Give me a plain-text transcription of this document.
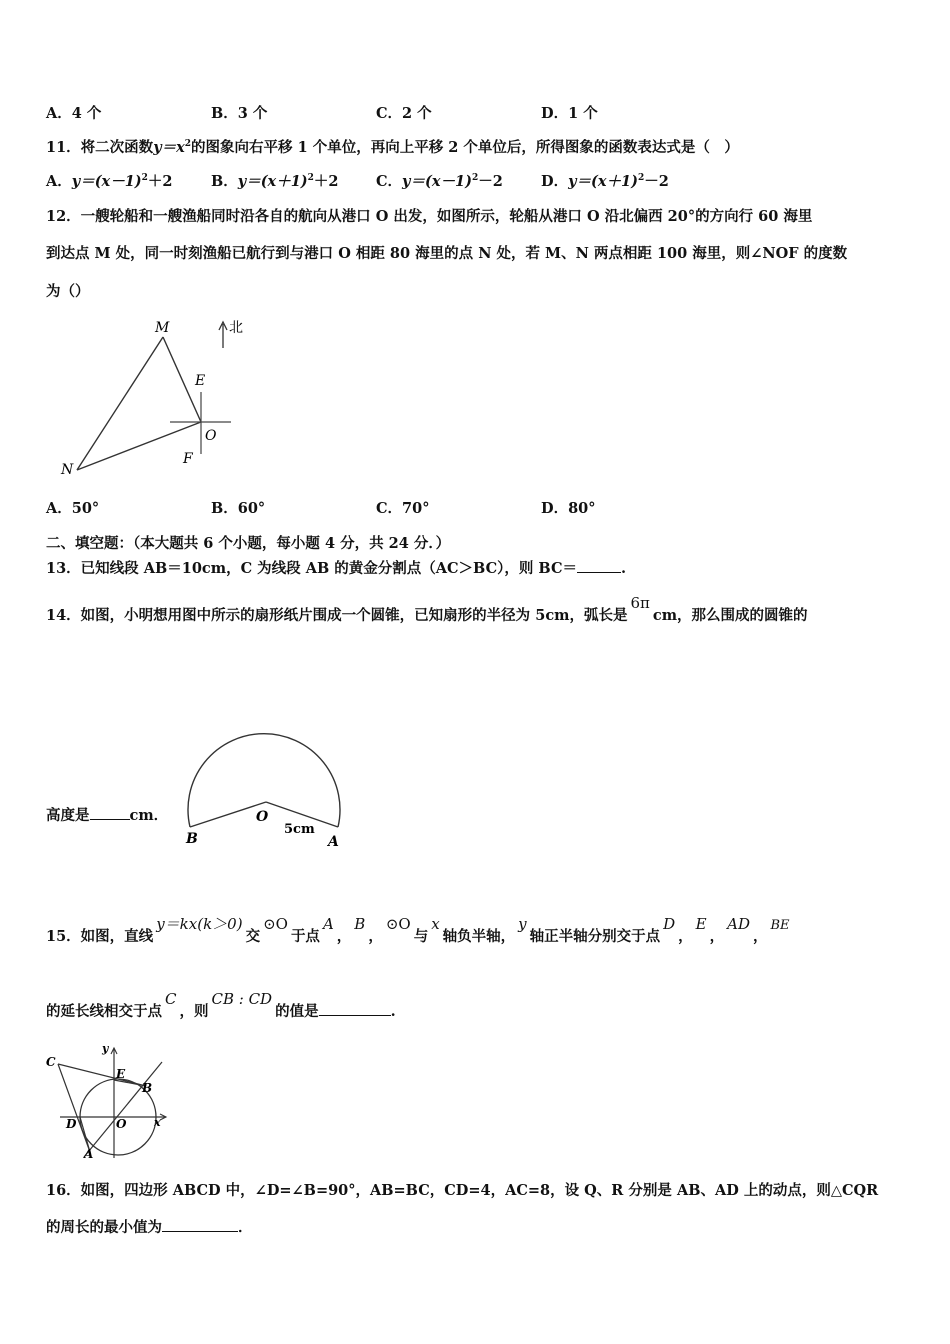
A．4 个	B．3 个	C．2 个	D．1 个
11．将二次函数$y=x^2$的图象向右平移 1 个单位，再向上平移 2 个单位后，所得图象的函数表达式是（　）
A．$y=(x-1)^2+2$	B．$y=(x+1)^2+2$	C．$y=(x-1)^2-2$	D．$y=(x+1)^2-2$
12．一艘轮船和一艘渔船同时沿各自的航向从港口 O 出发，如图所示，轮船从港口 O 沿北偏西 20°的方向行 60 海里
到达点 M 处，同一时刻渔船已航行到与港口 O 相距 80 海里的点 N 处，若 M、N 两点相距 100 海里，则∠NOF 的度数
为（）
北
M
N
E
O
F
A．50°	B．60°	C．70°	D．80°
二、填空题：（本大题共 6 个小题，每小题 4 分，共 24 分．）
13．已知线段 AB＝10cm，C 为线段 AB 的黄金分割点（AC＞BC），则 BC＝	.
14．如图，小明想用图中所示的扇形纸片围成一个圆锥，已知扇形的半径为 5cm，弧长是6πcm，那么围成的圆锥的
高度是	cm．
B
O
A
5cm
15．如图，直线y＝kx(k＞0)交⊙O于点A，B，⊙O与x轴负半轴，y轴正半轴分别交于点D，E，AD，BE
的延长线相交于点C，则CB : CD的值是	.
C
E
B
D	O
A
x
y
16．如图，四边形 ABCD 中，∠D=∠B=90°，AB=BC，CD=4，AC=8，设 Q、R 分别是 AB、AD 上的动点，则△CQR
的周长的最小值为	．
